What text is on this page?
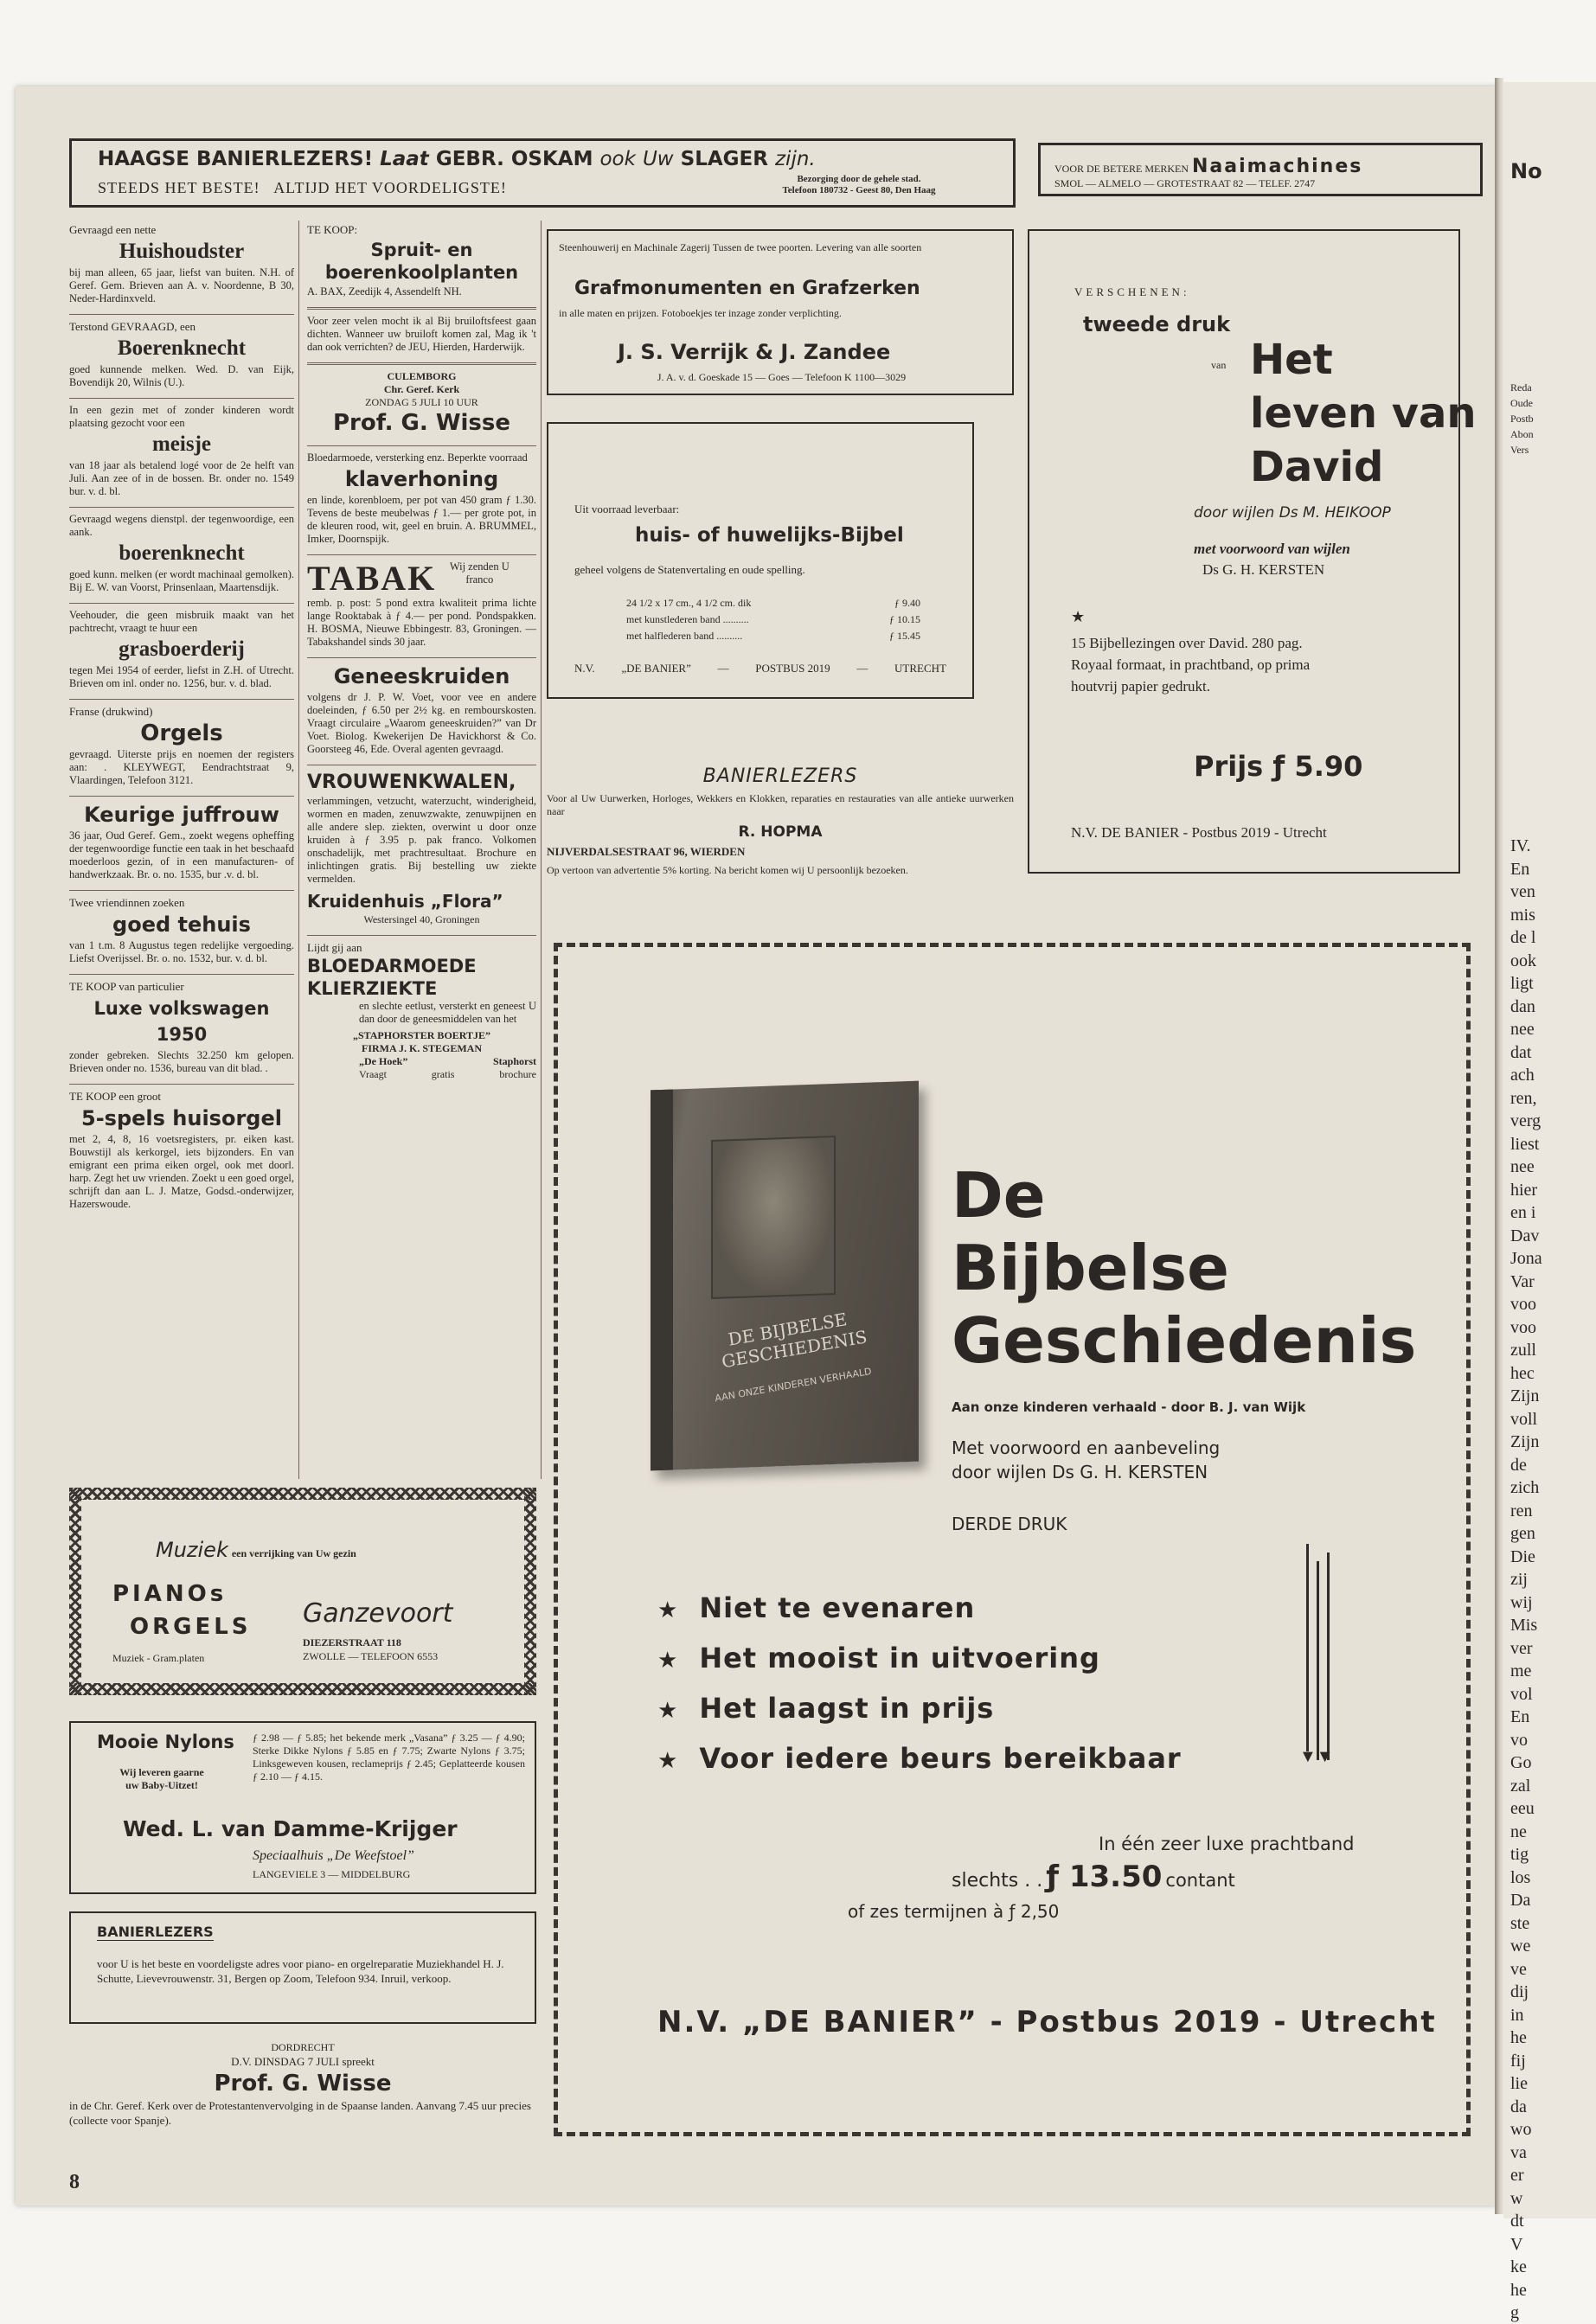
No
Reda
Oude
Postb
Abon
Vers
IV.
En
ven
mis
de l
ook
ligt
dan
nee
dat
ach
ren,
verg
liest
nee
hier
en i
Dav
Jona
Var
voo
voo
zull
hec
Zijn
voll
Zijn
de
zich
ren
gen
Die
zij
wij
Mis
ver
me
vol
En
vo
Go
zal
eeu
ne
tig
los
Da
ste
we
ve
dij
in
he
fij
lie
da
wo
va
er
w
dt
V
ke
he
g
HAAGSE BANIERLEZERS! Laat GEBR. OSKAM ook Uw SLAGER zijn.
STEEDS HET BESTE! ALTIJD HET VOORDELIGSTE!	Bezorging door de gehele stad.
Telefoon 180732 - Geest 80, Den Haag
VOOR DE BETERE MERKEN Naaimachines
SMOL — ALMELO — GROTESTRAAT 82 — TELEF. 2747
Gevraagd een nette
Huishoudster
bij man alleen, 65 jaar, liefst van buiten. N.H. of Geref. Gem. Brieven aan A. v. Noordenne, B 30, Neder-Hardinxveld.
Terstond GEVRAAGD, een
Boerenknecht
goed kunnende melken. Wed. D. van Eijk, Bovendijk 20, Wilnis (U.).
In een gezin met of zonder kinderen wordt plaatsing gezocht voor een
meisje
van 18 jaar als betalend logé voor de 2e helft van Juli. Aan zee of in de bossen. Br. onder no. 1549 bur. v. d. bl.
Gevraagd wegens dienstpl. der tegenwoordige, een aank.
boerenknecht
goed kunn. melken (er wordt machinaal gemolken). Bij E. W. van Voorst, Prinsenlaan, Maartensdijk.
Veehouder, die geen misbruik maakt van het pachtrecht, vraagt te huur een
grasboerderij
tegen Mei 1954 of eerder, liefst in Z.H. of Utrecht. Brieven om inl. onder no. 1256, bur. v. d. blad.
Franse (drukwind)
Orgels
gevraagd. Uiterste prijs en noemen der registers aan: . KLEYWEGT, Eendrachtstraat 9, Vlaardingen, Telefoon 3121.
Keurige juffrouw
36 jaar, Oud Geref. Gem., zoekt wegens opheffing der tegenwoordige functie een taak in het beschaafd moederloos gezin, of in een manufacturen- of handwerkzaak. Br. o. no. 1535, bur .v. d. bl.
Twee vriendinnen zoeken
goed tehuis
van 1 t.m. 8 Augustus tegen redelijke vergoeding. Liefst Overijssel. Br. o. no. 1532, bur. v. d. bl.
TE KOOP van particulier
Luxe volkswagen 1950
zonder gebreken. Slechts 32.250 km gelopen. Brieven onder no. 1536, bureau van dit blad. .
TE KOOP een groot
5-spels huisorgel
met 2, 4, 8, 16 voetsregisters, pr. eiken kast. Bouwstijl als kerkorgel, iets bijzonders. En van emigrant een prima eiken orgel, ook met doorl. harp. Zegt het uw vrienden. Zoekt u een goed orgel, schrijft dan aan L. J. Matze, Godsd.-onderwijzer, Hazerswoude.
TE KOOP:
Spruit- en boerenkoolplanten
A. BAX, Zeedijk 4, Assendelft NH.
Voor zeer velen mocht ik al Bij bruiloftsfeest gaan dichten. Wanneer uw bruiloft komen zal, Mag ik 't dan ook verrichten? de JEU, Hierden, Harderwijk.
CULEMBORG
Chr. Geref. Kerk
ZONDAG 5 JULI 10 UUR
Prof. G. Wisse
Bloedarmoede, versterking enz. Beperkte voorraad
klaverhoning
en linde, korenbloem, per pot van 450 gram ƒ 1.30. Tevens de beste meubelwas ƒ 1.— per grote pot, in de kleuren rood, wit, geel en bruin. A. BRUMMEL, Imker, Doornspijk.
TABAK	Wij zenden U franco
remb. p. post: 5 pond extra kwaliteit prima lichte lange Rooktabak à ƒ 4.— per pond. Pondspakken. H. BOSMA, Nieuwe Ebbingestr. 83, Groningen. — Tabakshandel sinds 30 jaar.
Geneeskruiden
volgens dr J. P. W. Voet, voor vee en andere doeleinden, ƒ 6.50 per 2½ kg. en rembourskosten. Vraagt circulaire „Waarom geneeskruiden?” van Dr Voet. Biolog. Kwekerijen De Havickhorst & Co. Goorsteeg 46, Ede. Overal agenten gevraagd.
VROUWENKWALEN,
verlammingen, vetzucht, waterzucht, winderigheid, wormen en maden, zenuwzwakte, zenuwpijnen en alle andere slep. ziekten, overwint u door onze kruiden à ƒ 3.95 p. pak franco. Volkomen onschadelijk, met prachtresultaat. Brochure en inlichtingen gratis. Bij bestelling uw ziekte vermelden.
Kruidenhuis „Flora”
Westersingel 40, Groningen
Lijdt gij aan
BLOEDARMOEDE KLIERZIEKTE
en slechte eetlust, versterkt en geneest U dan door de geneesmiddelen van het
„STAPHORSTER BOERTJE”
FIRMA J. K. STEGEMAN
„De Hoek”	Staphorst
Vraagt	gratis	brochure
Muziek een verrijking van Uw gezin
PIANOs
ORGELS
Muziek - Gram.platen
Ganzevoort
DIEZERSTRAAT 118
ZWOLLE — TELEFOON 6553
Mooie Nylons
Wij leveren gaarne uw Baby-Uitzet!
ƒ 2.98 — ƒ 5.85; het bekende merk „Vasana” ƒ 3.25 — ƒ 4.90; Sterke Dikke Nylons ƒ 5.85 en ƒ 7.75; Zwarte Nylons ƒ 3.75; Linksgeweven kousen, reclameprijs ƒ 2.45; Geplatteerde kousen ƒ 2.10 — ƒ 4.15.
Wed. L. van Damme-Krijger
Speciaalhuis „De Weefstoel”
LANGEVIELE 3 — MIDDELBURG
BANIERLEZERS
voor U is het beste en voordeligste adres voor piano- en orgelreparatie Muziekhandel H. J. Schutte, Lievevrouwenstr. 31, Bergen op Zoom, Telefoon 934. Inruil, verkoop.
DORDRECHT
D.V. DINSDAG 7 JULI spreekt
Prof. G. Wisse
in de Chr. Geref. Kerk over de Protestantenvervolging in de Spaanse landen. Aanvang 7.45 uur precies (collecte voor Spanje).
8
Steenhouwerij en Machinale Zagerij Tussen de twee poorten. Levering van alle soorten
Grafmonumenten en Grafzerken
in alle maten en prijzen. Fotoboekjes ter inzage zonder verplichting.
J. S. Verrijk & J. Zandee
J. A. v. d. Goeskade 15 — Goes — Telefoon K 1100—3029
Uit voorraad leverbaar:
huis- of huwelijks-Bijbel
geheel volgens de Statenvertaling en oude spelling.
24 1/2 x 17 cm., 4 1/2 cm. dik	ƒ 9.40
met kunstlederen band ..........	ƒ 10.15
met halflederen band ..........	ƒ 15.45
N.V. „DE BANIER” — POSTBUS 2019 — UTRECHT
BANIERLEZERS
Voor al Uw Uurwerken, Horloges, Wekkers en Klokken, reparaties en restauraties van alle antieke uurwerken naar
R. HOPMA
NIJVERDALSESTRAAT 96, WIERDEN
Op vertoon van advertentie 5% korting. Na bericht komen wij U persoonlijk bezoeken.
VERSCHENEN:
tweede druk
van Het
leven van
David
door wijlen Ds M. HEIKOOP
met voorwoord van wijlen
Ds G. H. KERSTEN
★
15 Bijbellezingen over David. 280 pag. Royaal formaat, in prachtband, op prima houtvrij papier gedrukt.
Prijs ƒ 5.90
N.V. DE BANIER - Postbus 2019 - Utrecht
DE BIJBELSE GESCHIEDENIS
AAN ONZE KINDEREN VERHAALD
De
Bijbelse
Geschiedenis
Aan onze kinderen verhaald - door B. J. van Wijk
Met voorwoord en aanbeveling
door wijlen Ds G. H. KERSTEN
DERDE DRUK
★ Niet te evenaren
★ Het mooist in uitvoering
★ Het laagst in prijs
★ Voor iedere beurs bereikbaar	▼▼
In één zeer luxe prachtband
slechts . . ƒ 13.50 contant
of zes termijnen à ƒ 2,50
N.V. „DE BANIER” - Postbus 2019 - Utrecht
